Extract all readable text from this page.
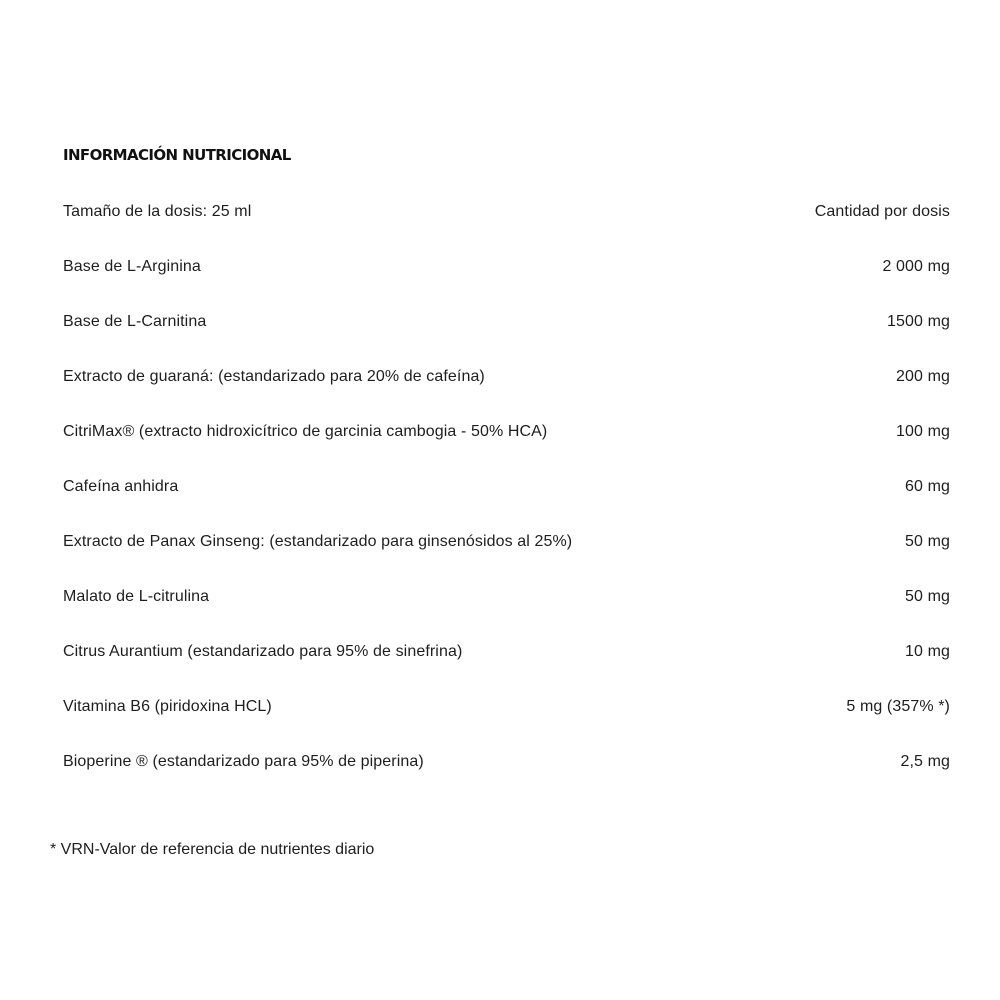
INFORMACIÓN NUTRICIONAL
Tamaño de la dosis: 25 ml	Cantidad por dosis
Base de L-Arginina	2 000 mg
Base de L-Carnitina	1500 mg
Extracto de guaraná: (estandarizado para 20% de cafeína)	200 mg
CitriMax® (extracto hidroxicítrico de garcinia cambogia - 50% HCA)	100 mg
Cafeína anhidra	60 mg
Extracto de Panax Ginseng: (estandarizado para ginsenósidos al 25%)	50 mg
Malato de L-citrulina	50 mg
Citrus Aurantium (estandarizado para 95% de sinefrina)	10 mg
Vitamina B6 (piridoxina HCL)	5 mg (357% *)
Bioperine ® (estandarizado para 95% de piperina)	2,5 mg
* VRN-Valor de referencia de nutrientes diario
